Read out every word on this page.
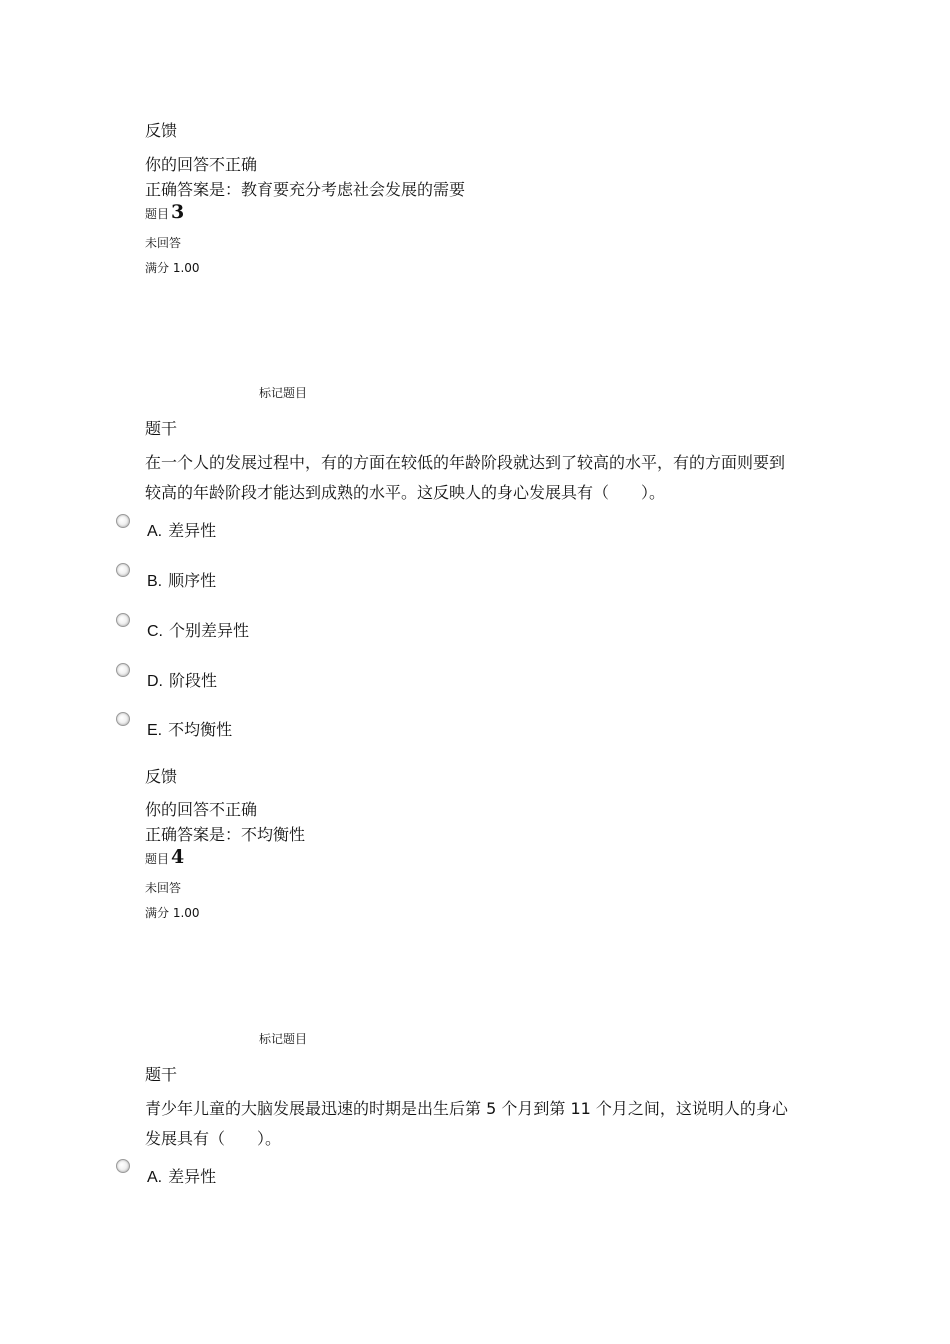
反馈
你的回答不正确
正确答案是：教育要充分考虑社会发展的需要
题目 3
未回答
满分 1.00
标记题目
题干
在一个人的发展过程中，有的方面在较低的年龄阶段就达到了较高的水平，有的方面则要到
较高的年龄阶段才能达到成熟的水平。这反映人的身心发展具有（　　）。
A. 差异性
B. 顺序性
C. 个别差异性
D. 阶段性
E. 不均衡性
反馈
你的回答不正确
正确答案是：不均衡性
题目 4
未回答
满分 1.00
标记题目
题干
青少年儿童的大脑发展最迅速的时期是出生后第 5 个月到第 11 个月之间，这说明人的身心
发展具有（　　）。
A. 差异性
